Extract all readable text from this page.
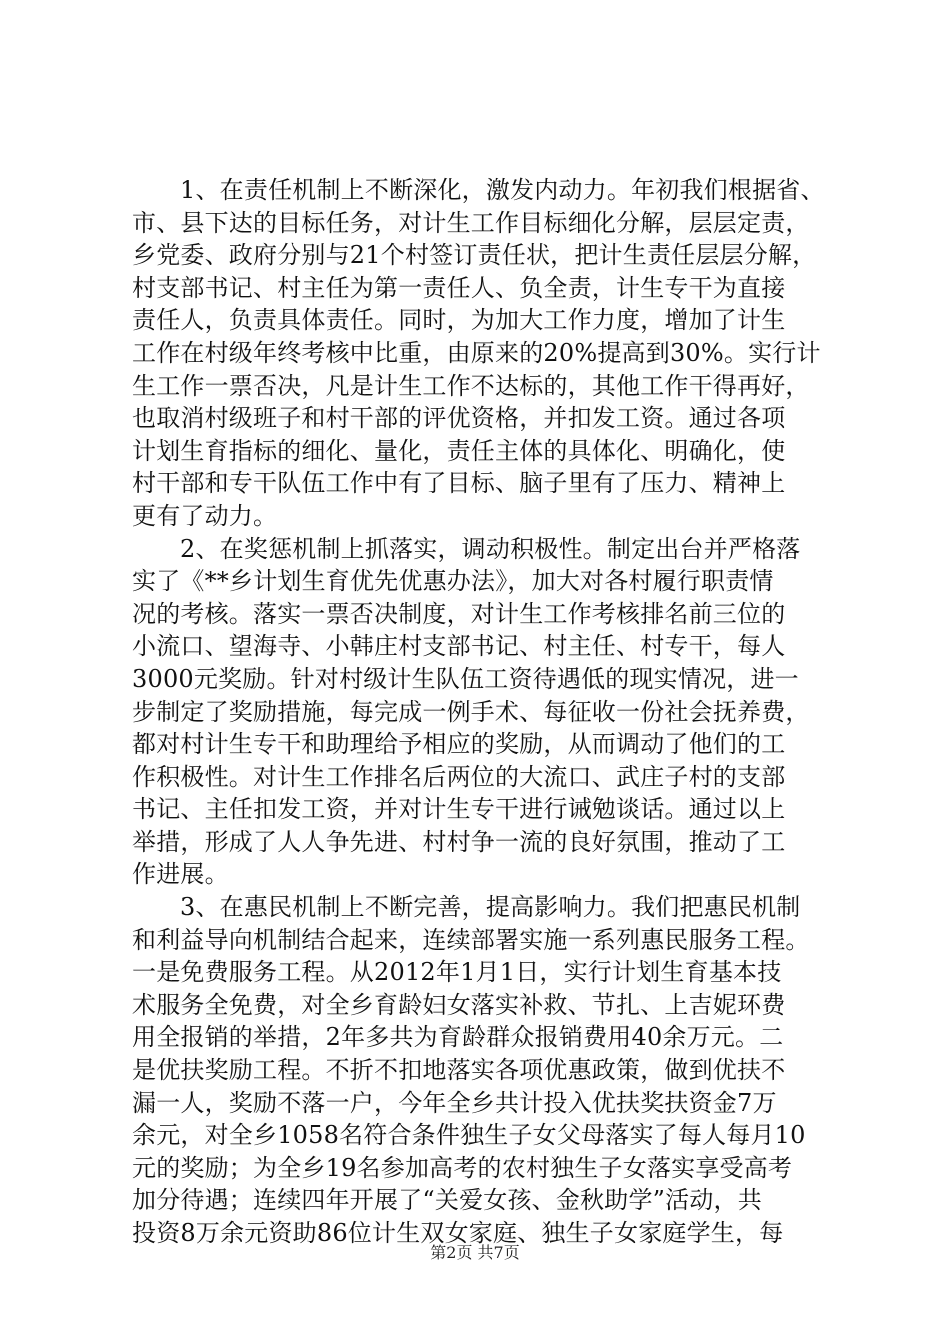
1、在责任机制上不断深化，激发内动力。年初我们根据省、
市、县下达的目标任务，对计生工作目标细化分解，层层定责，
乡党委、政府分别与21个村签订责任状，把计生责任层层分解，
村支部书记、村主任为第一责任人、负全责，计生专干为直接
责任人，负责具体责任。同时，为加大工作力度，增加了计生
工作在村级年终考核中比重，由原来的20%提高到30%。实行计
生工作一票否决，凡是计生工作不达标的，其他工作干得再好，
也取消村级班子和村干部的评优资格，并扣发工资。通过各项
计划生育指标的细化、量化，责任主体的具体化、明确化，使
村干部和专干队伍工作中有了目标、脑子里有了压力、精神上
更有了动力。
2、在奖惩机制上抓落实，调动积极性。制定出台并严格落
实了《**乡计划生育优先优惠办法》，加大对各村履行职责情
况的考核。落实一票否决制度，对计生工作考核排名前三位的
小流口、望海寺、小韩庄村支部书记、村主任、村专干，每人
3000元奖励。针对村级计生队伍工资待遇低的现实情况，进一
步制定了奖励措施，每完成一例手术、每征收一份社会抚养费，
都对村计生专干和助理给予相应的奖励，从而调动了他们的工
作积极性。对计生工作排名后两位的大流口、武庄子村的支部
书记、主任扣发工资，并对计生专干进行诫勉谈话。通过以上
举措，形成了人人争先进、村村争一流的良好氛围，推动了工
作进展。
3、在惠民机制上不断完善，提高影响力。我们把惠民机制
和利益导向机制结合起来，连续部署实施一系列惠民服务工程。
一是免费服务工程。从2012年1月1日，实行计划生育基本技
术服务全免费，对全乡育龄妇女落实补救、节扎、上吉妮环费
用全报销的举措，2年多共为育龄群众报销费用40余万元。二
是优扶奖励工程。不折不扣地落实各项优惠政策，做到优扶不
漏一人，奖励不落一户，今年全乡共计投入优扶奖扶资金7万
余元，对全乡1058名符合条件独生子女父母落实了每人每月10
元的奖励；为全乡19名参加高考的农村独生子女落实享受高考
加分待遇；连续四年开展了“关爱女孩、金秋助学”活动，共
投资8万余元资助86位计生双女家庭、独生子女家庭学生，每
第2页 共7页
